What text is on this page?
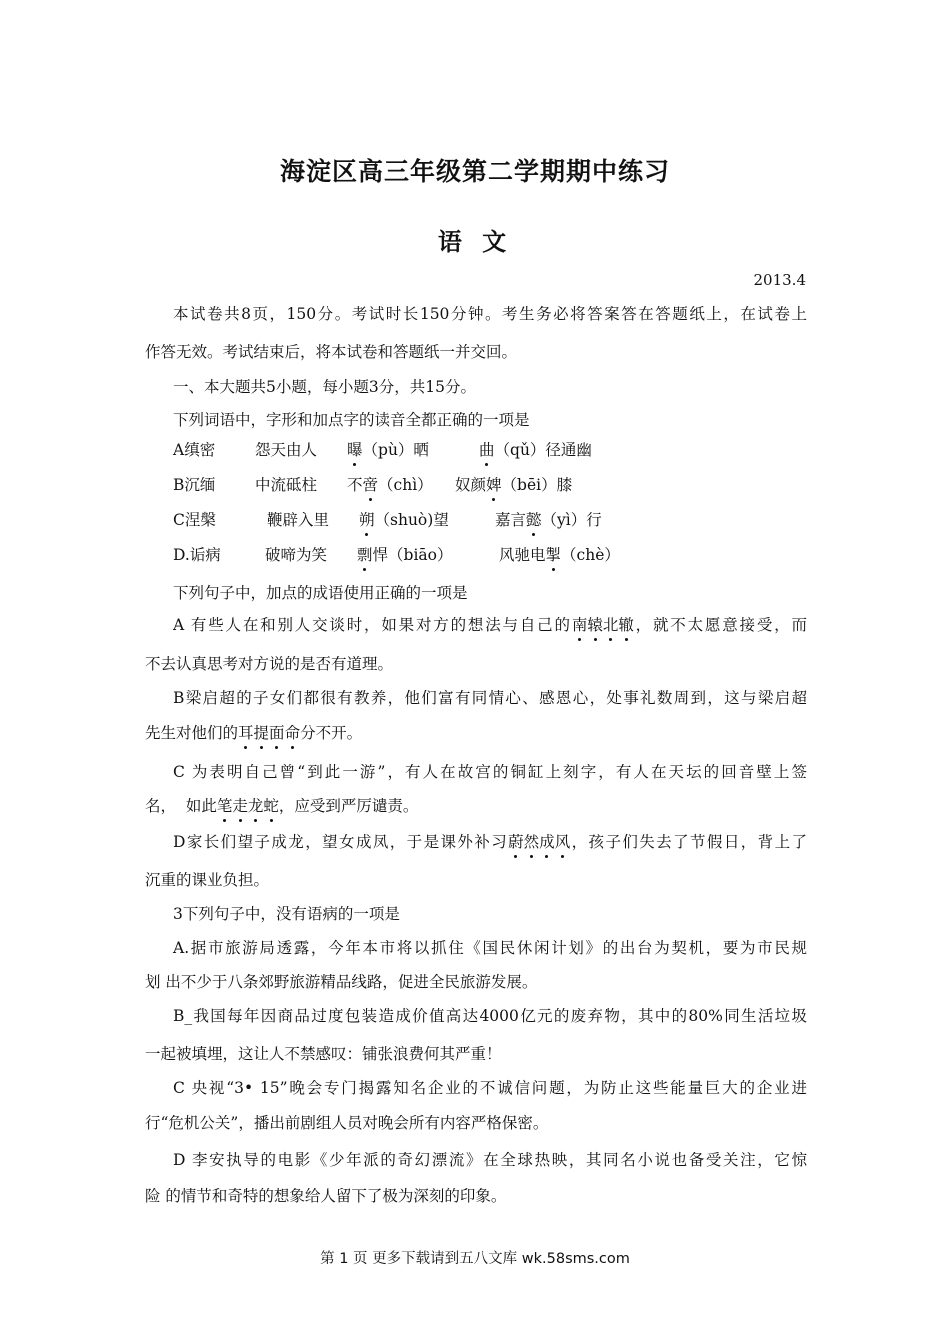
海淀区高三年级第二学期期中练习
语 文
2013.4
本试卷共8页，150分。考试时长150分钟。考生务必将答案答在答题纸上，在试卷上
作答无效。考试结束后，将本试卷和答题纸一并交回。
一、本大题共5小题，每小题3分，共15分。
下列词语中，字形和加点字的读音全都正确的一项是
A缜密	怨天由人 曝（pù）晒	曲（qǔ）径通幽
B沉缅	中流砥柱 不啻（chì） 奴颜婢（bēi）膝
C涅槃	鞭辟入里 朔（shuò)望	嘉言懿（yì）行
D.诟病	破啼为笑 剽悍（biāo）	风驰电掣（chè）
下列句子中，加点的成语使用正确的一项是
A 有些人在和别人交谈时，如果对方的想法与自己的南辕北辙，就不太愿意接受，而
不去认真思考对方说的是否有道理。
B梁启超的子女们都很有教养，他们富有同情心、感恩心，处事礼数周到，这与梁启超
先生对他们的耳提面命分不开。
C 为表明自己曾“到此一游”，有人在故宫的铜缸上刻字，有人在天坛的回音壁上签
名，  如此笔走龙蛇，应受到严厉谴责。
D家长们望子成龙，望女成凤，于是课外补习蔚然成风，孩子们失去了节假日，背上了
沉重的课业负担。
3下列句子中，没有语病的一项是
A.据市旅游局透露，今年本市将以抓住《国民休闲计划》的出台为契机，要为市民规
划 出不少于八条郊野旅游精品线路，促进全民旅游发展。
B_我国每年因商品过度包装造成价值高达4000亿元的废弃物，其中的80%同生活垃圾
一起被填埋，这让人不禁感叹：铺张浪费何其严重！
C 央视“3• 15”晚会专门揭露知名企业的不诚信问题，为防止这些能量巨大的企业进
行“危机公关”，播出前剧组人员对晚会所有内容严格保密。
D 李安执导的电影《少年派的奇幻漂流》在全球热映，其同名小说也备受关注，它惊
险 的情节和奇特的想象给人留下了极为深刻的印象。
第 1 页 更多下载请到五八文库 wk.58sms.com
